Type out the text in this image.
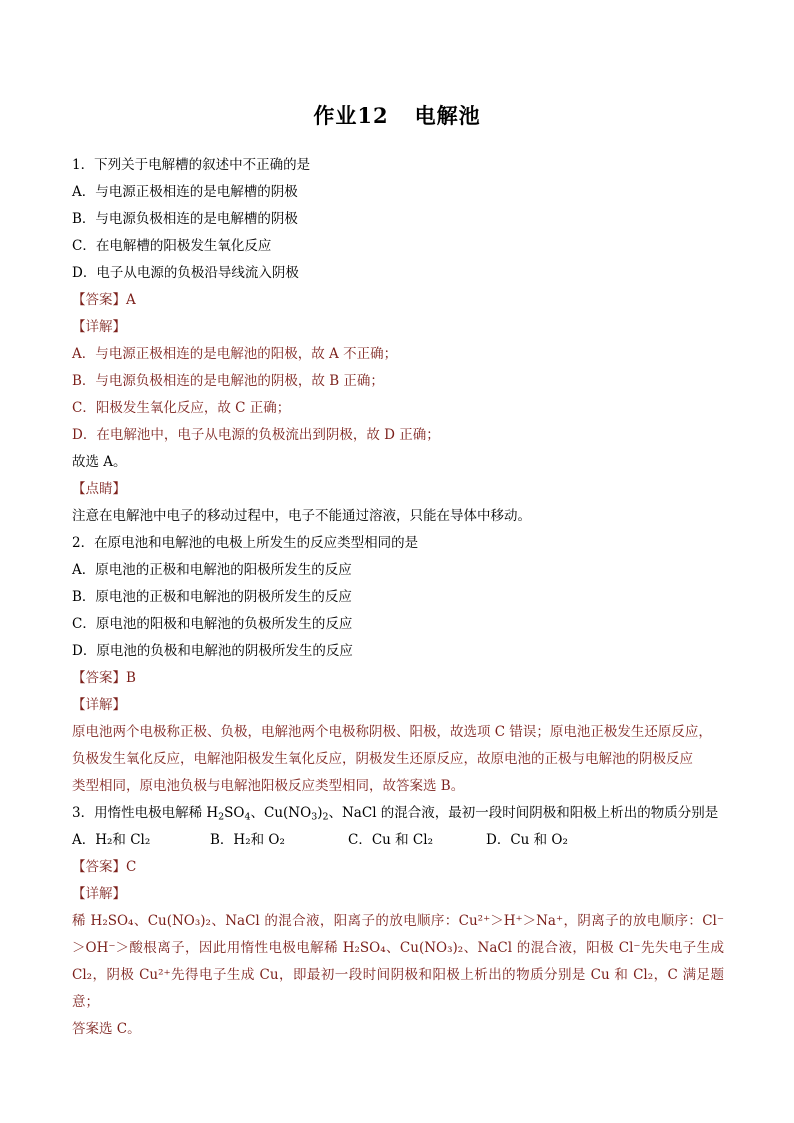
作业12 电解池
1．下列关于电解槽的叙述中不正确的是
A．与电源正极相连的是电解槽的阴极
B．与电源负极相连的是电解槽的阴极
C．在电解槽的阳极发生氧化反应
D．电子从电源的负极沿导线流入阴极
【答案】A
【详解】
A．与电源正极相连的是电解池的阳极，故 A 不正确；
B．与电源负极相连的是电解池的阴极，故 B 正确；
C．阳极发生氧化反应，故 C 正确；
D．在电解池中，电子从电源的负极流出到阴极，故 D 正确；
故选 A。
【点睛】
注意在电解池中电子的移动过程中，电子不能通过溶液，只能在导体中移动。
2．在原电池和电解池的电极上所发生的反应类型相同的是
A．原电池的正极和电解池的阳极所发生的反应
B．原电池的正极和电解池的阴极所发生的反应
C．原电池的阳极和电解池的负极所发生的反应
D．原电池的负极和电解池的阴极所发生的反应
【答案】B
【详解】
原电池两个电极称正极、负极，电解池两个电极称阴极、阳极，故选项 C 错误；原电池正极发生还原反应，
负极发生氧化反应，电解池阳极发生氧化反应，阴极发生还原反应，故原电池的正极与电解池的阴极反应
类型相同，原电池负极与电解池阳极反应类型相同，故答案选 B。
3．用惰性电极电解稀 $H_2SO_4$、$Cu(NO_3)_2$、NaCl 的混合液，最初一段时间阴极和阳极上析出的物质分别是
A．H₂和 Cl₂	B．H₂和 O₂	C．Cu 和 Cl₂	D．Cu 和 O₂
【答案】C
【详解】
稀 H₂SO₄、Cu(NO₃)₂、NaCl 的混合液，阳离子的放电顺序：Cu²⁺＞H⁺＞Na⁺，阴离子的放电顺序：Cl⁻＞OH⁻＞酸根离子，因此用惰性电极电解稀 H₂SO₄、Cu(NO₃)₂、NaCl 的混合液，阳极 Cl⁻先失电子生成 Cl₂，阴极 Cu²⁺先得电子生成 Cu，即最初一段时间阴极和阳极上析出的物质分别是 Cu 和 Cl₂，C 满足题意；
答案选 C。
